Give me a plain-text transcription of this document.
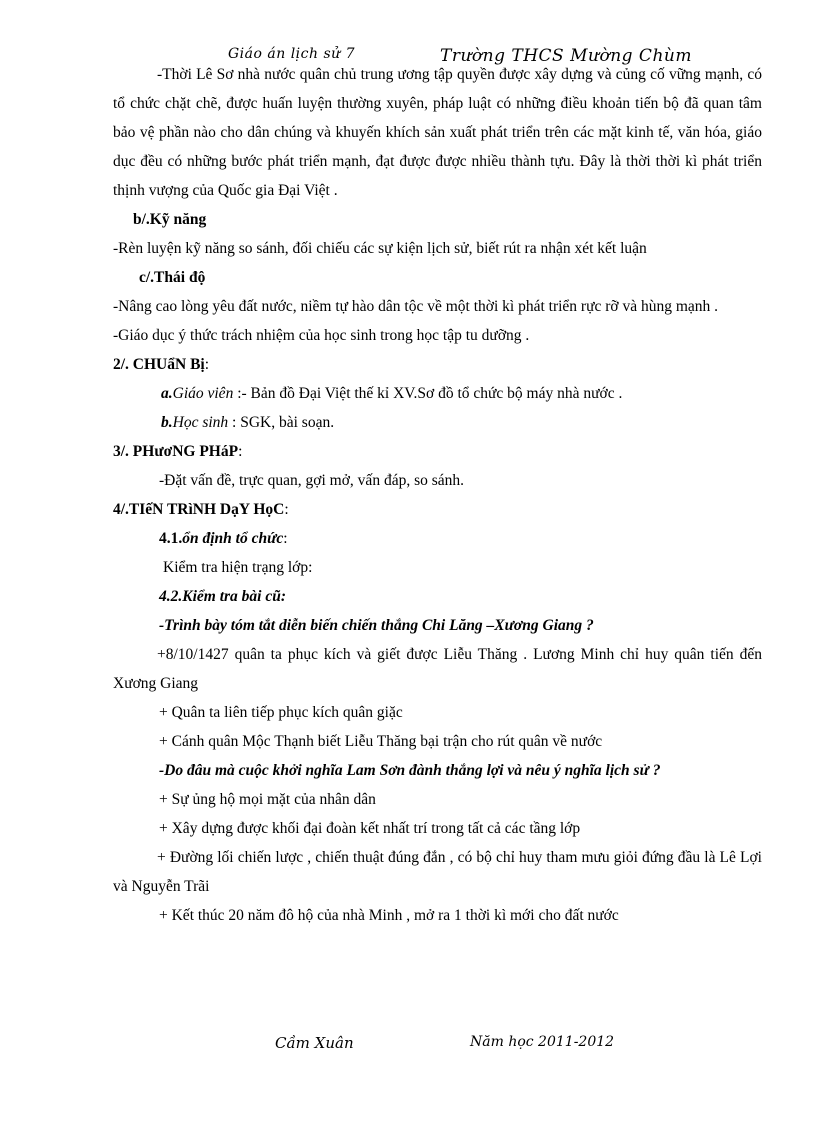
Giáo án lịch sử 7	Trường THCS Mường Chùm

-Thời Lê Sơ nhà nước quân chủ trung ương tập quyền được xây dựng và củng cố vững mạnh, có tổ chức chặt chẽ, được huấn luyện thường xuyên, pháp luật có những điều khoản tiến bộ đã quan tâm bảo vệ phần nào cho dân chúng và khuyến khích sản xuất phát triển trên các mặt kinh tế, văn hóa, giáo dục đều có những bước phát triển mạnh, đạt được được nhiều thành tựu. Đây là thời thời kì phát triển thịnh vượng của Quốc gia Đại Việt .

b/.Kỹ năng

-Rèn luyện kỹ năng so sánh, đối chiếu các sự kiện lịch sử, biết rút ra nhận xét kết luận

c/.Thái độ

-Nâng cao lòng yêu đất nước, niềm tự hào dân tộc về một thời kì phát triển rực rỡ và hùng mạnh .

-Giáo dục ý thức trách nhiệm của học sinh trong học tập tu dưỡng .

2/. CHUẩN Bị:

a.Giáo viên :- Bản đồ Đại Việt thế kỉ XV.Sơ đồ tổ chức bộ máy nhà nước .

b.Học sinh : SGK, bài soạn.

3/. PHươNG PHáP:

-Đặt vấn đề, trực quan, gợi mở, vấn đáp, so sánh.

4/.TIếN TRìNH DạY HọC:

4.1.ổn định tổ chức:

Kiểm tra hiện trạng lớp:

4.2.Kiểm tra bài cũ:

-Trình bày tóm tắt diễn biến chiến thắng Chi Lăng –Xương Giang ?

+8/10/1427 quân ta phục kích và giết được Liễu Thăng . Lương Minh chỉ huy quân tiến đến Xương Giang

+ Quân ta liên tiếp phục kích quân giặc

+ Cánh quân Mộc Thạnh biết Liễu Thăng bại trận cho rút quân về nước

-Do đâu mà cuộc khởi nghĩa Lam Sơn đành thắng lợi và nêu ý nghĩa lịch sử ?

+ Sự ủng hộ mọi mặt của nhân dân

+ Xây dựng được khối đại đoàn kết nhất trí trong tất cả các tầng lớp

+ Đường lối chiến lược , chiến thuật đúng đắn , có bộ chỉ huy tham mưu giỏi đứng đầu là Lê Lợi và Nguyễn Trãi

+ Kết thúc 20 năm đô hộ của nhà Minh , mở ra 1 thời kì mới cho đất nước

Cầm Xuân	Năm học 2011-2012
